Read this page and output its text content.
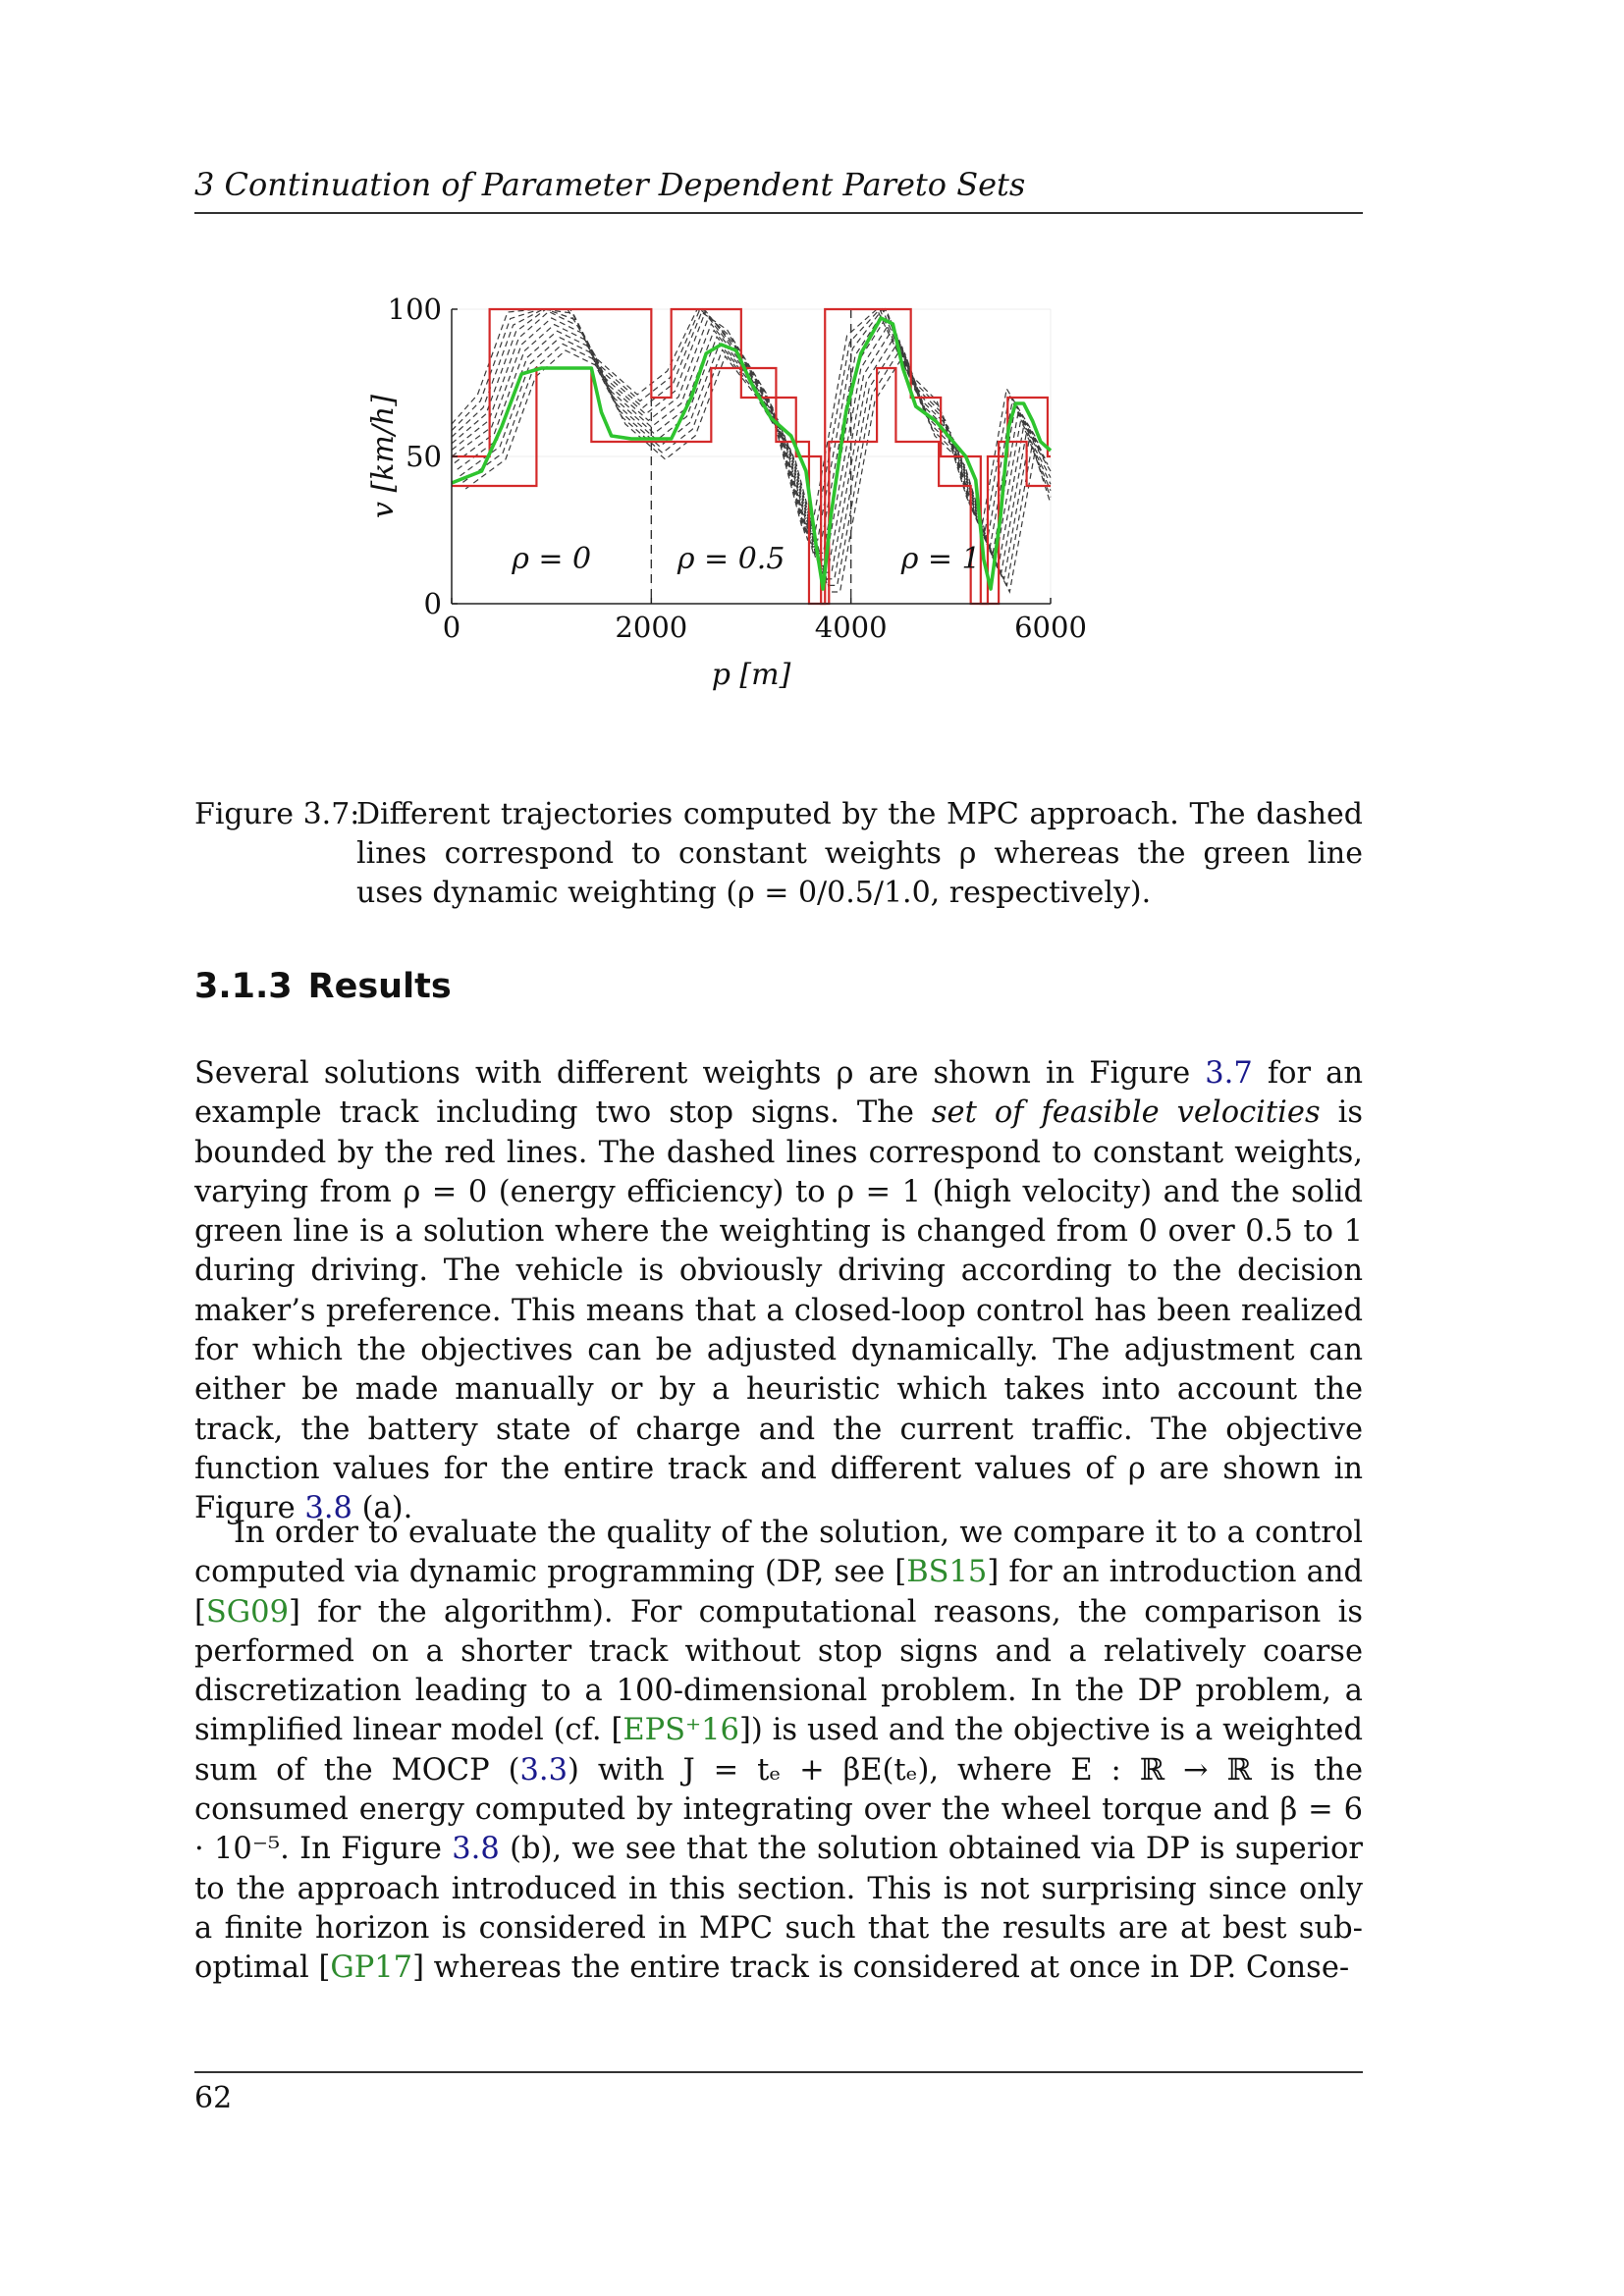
3 Continuation of Parameter Dependent Pareto Sets
0	2000	4000	6000
0
50
100
ρ = 0	ρ = 0.5	ρ = 1
p [m]
v [km/h]
Figure 3.7:
Different trajectories computed by the MPC approach. The dashed lines correspond to constant weights ρ whereas the green line uses dynamic weighting (ρ = 0/0.5/1.0, respectively).
3.1.3 Results

Several solutions with different weights ρ are shown in Figure 3.7 for an example track including two stop signs. The set of feasible velocities is bounded by the red lines. The dashed lines correspond to constant weights, varying from ρ = 0 (energy efficiency) to ρ = 1 (high velocity) and the solid green line is a solution where the weighting is changed from 0 over 0.5 to 1 during driving. The vehicle is obviously driving according to the decision maker’s preference. This means that a closed-loop control has been realized for which the objectives can be adjusted dynamically. The adjustment can either be made manually or by a heuristic which takes into account the track, the battery state of charge and the current traffic. The objective function values for the entire track and different values of ρ are shown in Figure 3.8 (a).

In order to evaluate the quality of the solution, we compare it to a control computed via dynamic programming (DP, see [BS15] for an introduction and [SG09] for the algorithm). For computational reasons, the comparison is performed on a shorter track without stop signs and a relatively coarse discretization leading to a 100-dimensional problem. In the DP problem, a simplified linear model (cf. [EPS⁺16]) is used and the objective is a weighted sum of the MOCP (3.3) with J = tₑ + βE(tₑ), where E : ℝ → ℝ is the consumed energy computed by integrating over the wheel torque and β = 6 · 10⁻⁵. In Figure 3.8 (b), we see that the solution obtained via DP is superior to the approach introduced in this section. This is not surprising since only a finite horizon is considered in MPC such that the results are at best sub-optimal [GP17] whereas the entire track is considered at once in DP. Conse-

62
